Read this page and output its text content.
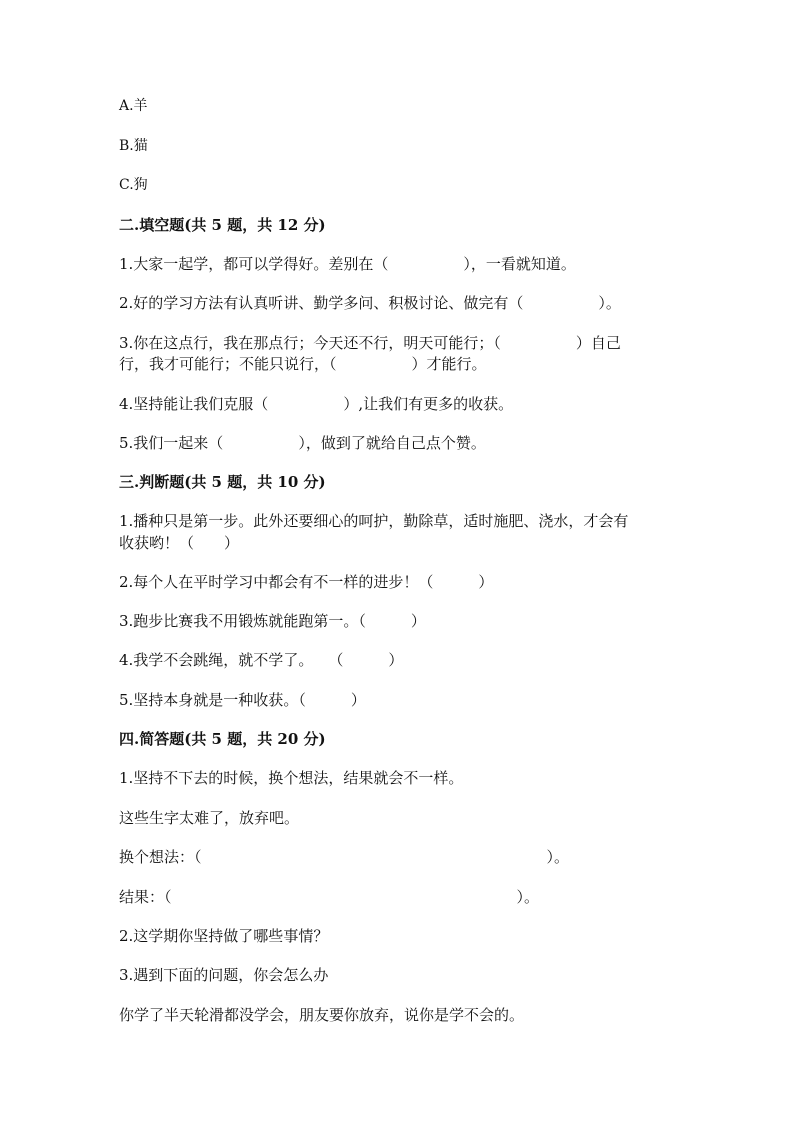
A.羊
B.猫
C.狗
二.填空题(共 5 题，共 12 分)
1.大家一起学，都可以学得好。差别在（　　　　　），一看就知道。
2.好的学习方法有认真听讲、勤学多问、积极讨论、做完有（　　　　　）。
3.你在这点行，我在那点行；今天还不行，明天可能行；（　　　　　）自己
行，我才可能行；不能只说行，（　　　　　）才能行。
4.坚持能让我们克服（　　　　　）,让我们有更多的收获。
5.我们一起来（　　　　　），做到了就给自己点个赞。
三.判断题(共 5 题，共 10 分)
1.播种只是第一步。此外还要细心的呵护，勤除草，适时施肥、浇水，才会有
收获哟！（　　）
2.每个人在平时学习中都会有不一样的进步！（　　　）
3.跑步比赛我不用锻炼就能跑第一。（　　　）
4.我学不会跳绳，就不学了。　　（　　　）
5.坚持本身就是一种收获。（　　　）
四.简答题(共 5 题，共 20 分)
1.坚持不下去的时候，换个想法，结果就会不一样。
这些生字太难了，放弃吧。
换个想法：（　　　　　　　　　　　　　　　　　　　　　　　）。
结果：（　　　　　　　　　　　　　　　　　　　　　　　）。
2.这学期你坚持做了哪些事情？
3.遇到下面的问题，你会怎么办
你学了半天轮滑都没学会，朋友要你放弃，说你是学不会的。
